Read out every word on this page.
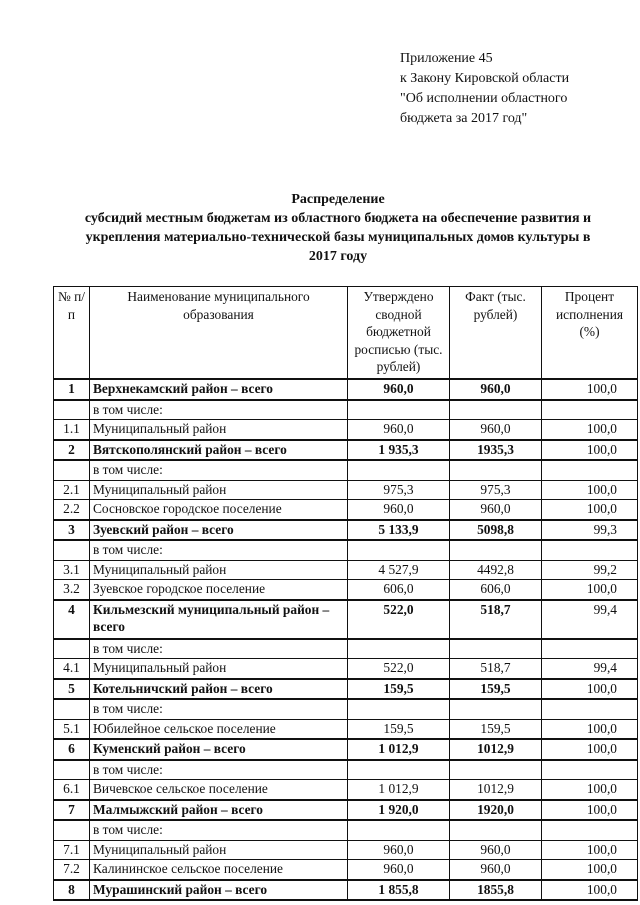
Приложение 45
к Закону Кировской области
"Об исполнении областного
бюджета за 2017 год"
Распределение
субсидий местным бюджетам из областного бюджета на обеспечение развития и
укрепления материально-технической базы муниципальных домов культуры в
2017 году
№ п/п	Наименование муниципального образования	Утверждено сводной бюджетной росписью (тыс. рублей)	Факт (тыс. рублей)	Процент исполнения (%)
1	Верхнекамский район – всего	960,0	960,0	100,0
	в том числе:			
1.1	Муниципальный район	960,0	960,0	100,0
2	Вятскополянский район – всего	1 935,3	1935,3	100,0
	в том числе:			
2.1	Муниципальный район	975,3	975,3	100,0
2.2	Сосновское городское поселение	960,0	960,0	100,0
3	Зуевский район – всего	5 133,9	5098,8	99,3
	в том числе:			
3.1	Муниципальный район	4 527,9	4492,8	99,2
3.2	Зуевское городское поселение	606,0	606,0	100,0
4	Кильмезский муниципальный район – всего	522,0	518,7	99,4
	в том числе:			
4.1	Муниципальный район	522,0	518,7	99,4
5	Котельничский район – всего	159,5	159,5	100,0
	в том числе:			
5.1	Юбилейное сельское поселение	159,5	159,5	100,0
6	Куменский район – всего	1 012,9	1012,9	100,0
	в том числе:			
6.1	Вичевское сельское поселение	1 012,9	1012,9	100,0
7	Малмыжский район – всего	1 920,0	1920,0	100,0
	в том числе:			
7.1	Муниципальный район	960,0	960,0	100,0
7.2	Калининское сельское поселение	960,0	960,0	100,0
8	Мурашинский район – всего	1 855,8	1855,8	100,0
